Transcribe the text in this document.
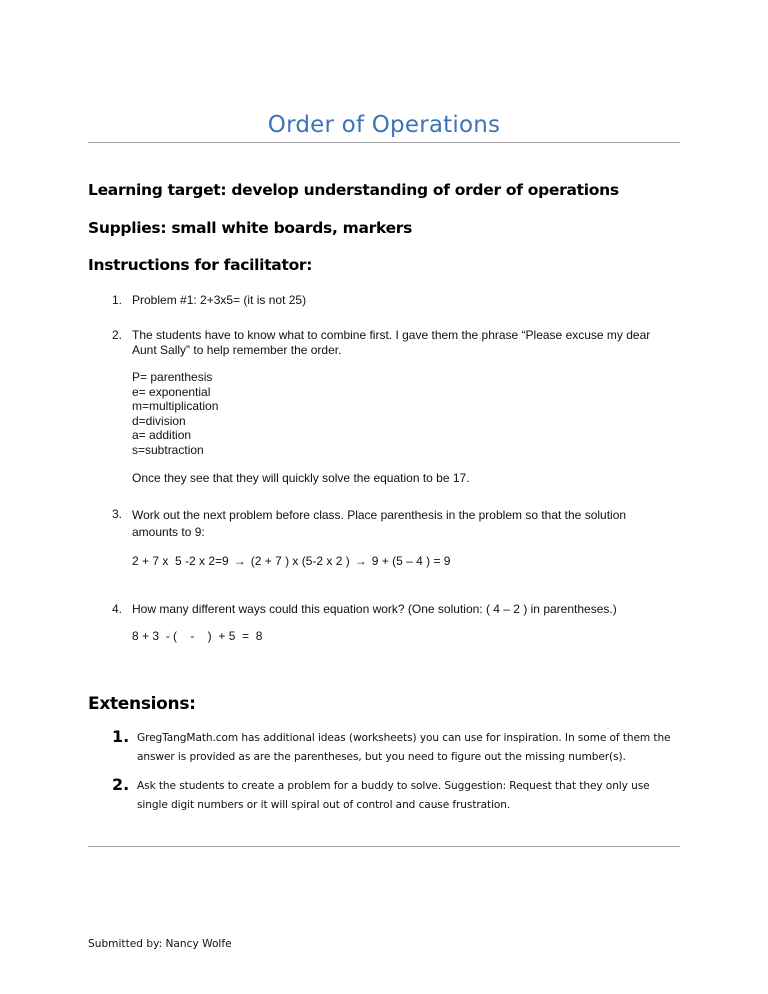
Order of Operations
Learning target: develop understanding of order of operations
Supplies: small white boards, markers
Instructions for facilitator:
1. Problem #1: 2+3x5= (it is not 25)
2. The students have to know what to combine first. I gave them the phrase “Please excuse my dear Aunt Sally” to help remember the order.
P= parenthesis
e= exponential
m=multiplication
d=division
a= addition
s=subtraction
Once they see that they will quickly solve the equation to be 17.
3. Work out the next problem before class. Place parenthesis in the problem so that the solution amounts to 9:
2 + 7 x  5 -2 x 2=9 → (2 + 7 ) x (5-2 x 2 ) → 9 + (5 – 4 ) = 9
4. How many different ways could this equation work? (One solution: ( 4 – 2 ) in parentheses.)
8 + 3  - (    -    )  + 5  =  8
Extensions:
1. GregTangMath.com has additional ideas (worksheets) you can use for inspiration. In some of them the answer is provided as are the parentheses, but you need to figure out the missing number(s).
2. Ask the students to create a problem for a buddy to solve. Suggestion: Request that they only use single digit numbers or it will spiral out of control and cause frustration.
Submitted by: Nancy Wolfe
